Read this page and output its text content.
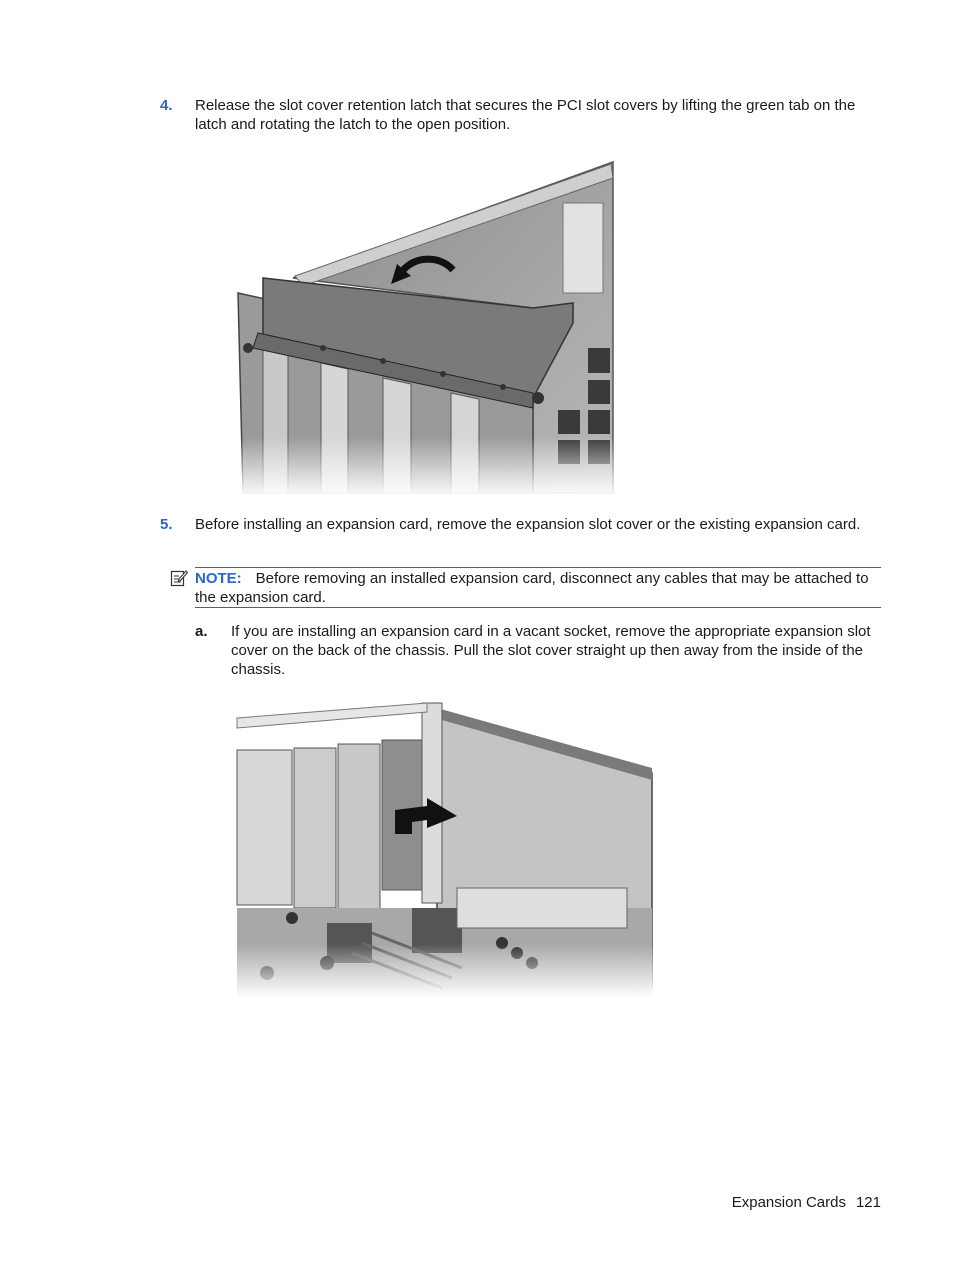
4. Release the slot cover retention latch that secures the PCI slot covers by lifting the green tab on the latch and rotating the latch to the open position.
5. Before installing an expansion card, remove the expansion slot cover or the existing expansion card.
NOTE: Before removing an installed expansion card, disconnect any cables that may be attached to the expansion card.
a. If you are installing an expansion card in a vacant socket, remove the appropriate expansion slot cover on the back of the chassis. Pull the slot cover straight up then away from the inside of the chassis.
Expansion Cards 121
